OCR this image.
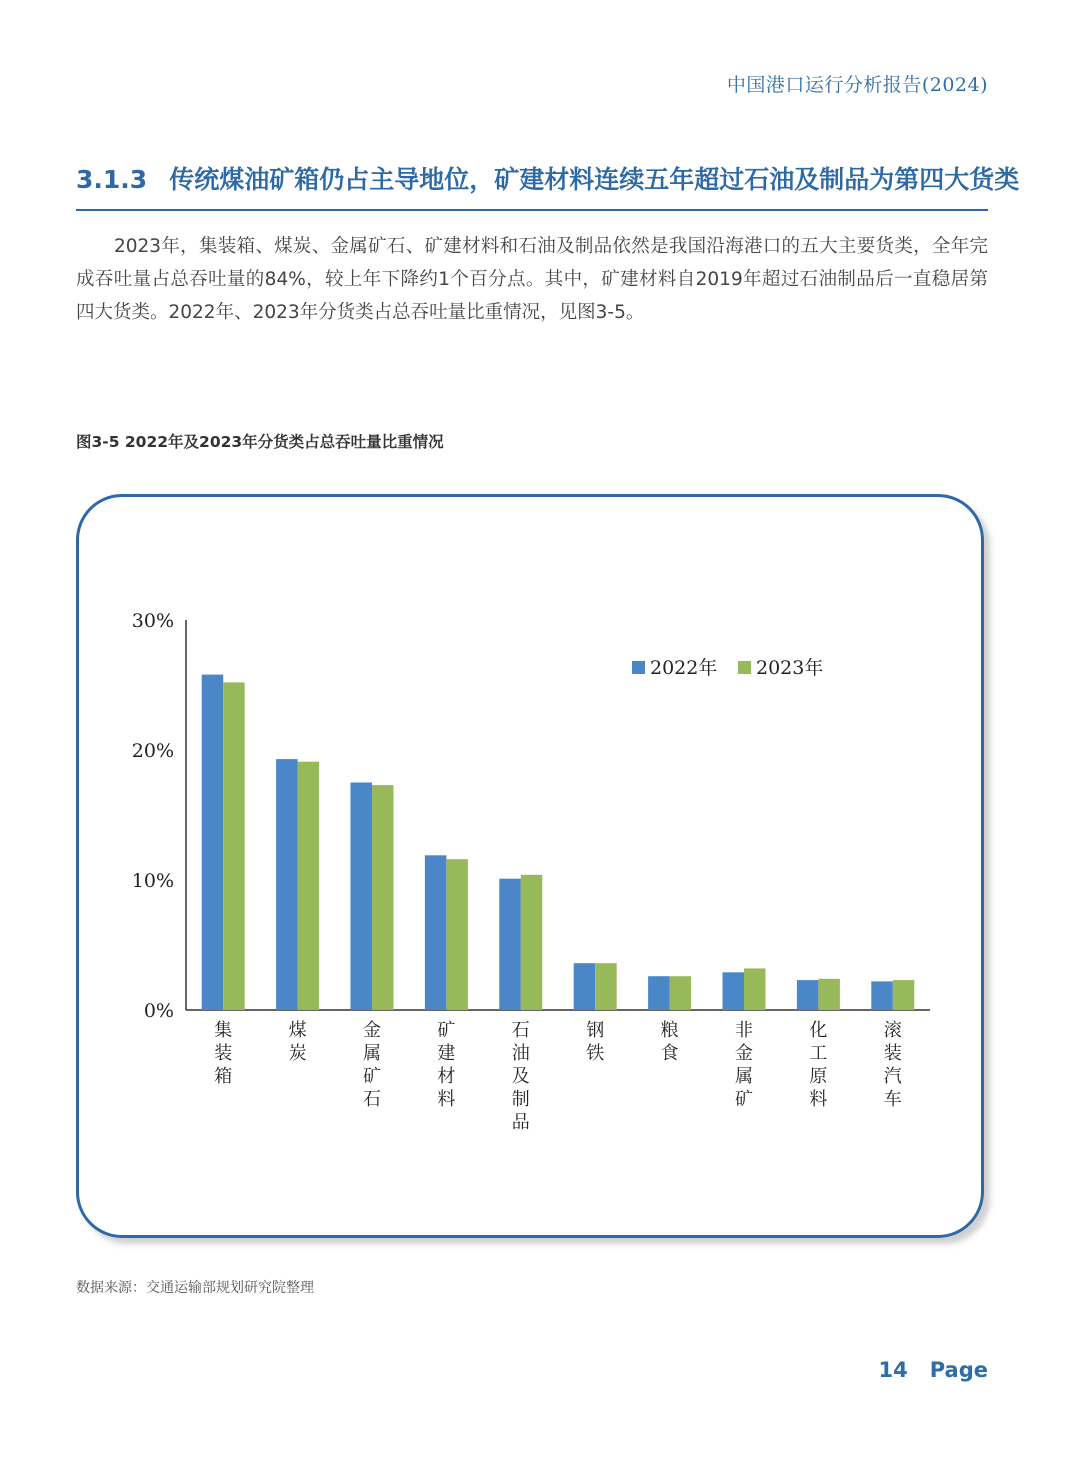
中国港口运行分析报告(2024)
3.1.3 传统煤油矿箱仍占主导地位，矿建材料连续五年超过石油及制品为第四大货类

2023年，集装箱、煤炭、金属矿石、矿建材料和石油及制品依然是我国沿海港口的五大主要货类，全年完成吞吐量占总吞吐量的84%，较上年下降约1个百分点。其中，矿建材料自2019年超过石油制品后一直稳居第四大货类。2022年、2023年分货类占总吞吐量比重情况，见图3-5。

图3-5 2022年及2023年分货类占总吞吐量比重情况
0%
10%
20%
30%
集
装
箱
煤
炭
金
属
矿
石
矿
建
材
料
石
油
及
制
品
钢
铁
粮
食
非
金
属
矿
化
工
原
料
滚
装
汽
车
2022年 2023年
数据来源：交通运输部规划研究院整理
14 Page
